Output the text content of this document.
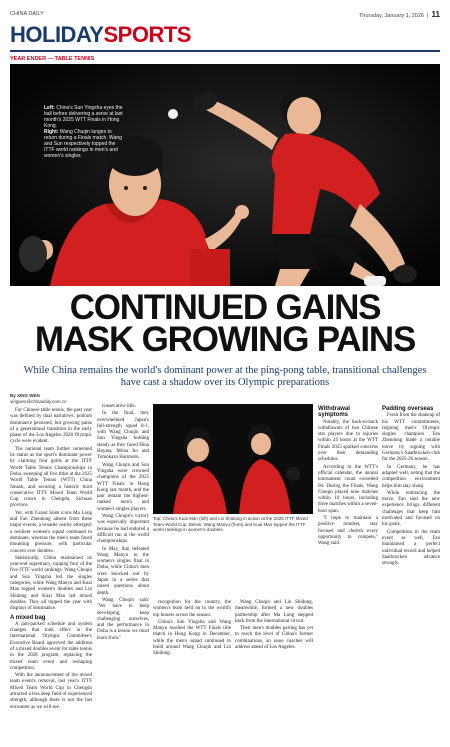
CHINA DAILY	Thursday, January 1, 2026  |  11
HOLIDAYSPORTS
YEAR ENDER — TABLE TENNIS
Left: China's Sun Yingsha eyes the ball before delivering a serve at last month's 2025 WTT Finals in Hong Kong.
Right: Wang Chuqin lunges to return during a Finals match. Wang and Sun respectively topped the ITTF world rankings in men's and women's singles.
CONTINUED GAINS
MASK GROWING PAINS
While China remains the world's dominant power at the ping-pong table, transitional challenges have cast a shadow over its Olympic preparations
By XING WEN
xingwen@chinadaily.com.cn

For Chinese table tennis, the past year was defined by dual narratives: podium dominance persisted, but growing pains of a generational transition in the early phase of the Los Angeles 2028 Olympic cycle were evident.

The national team further cemented its status as the sport's dominant power by claiming four golds at the ITTF World Table Tennis Championships in Doha, sweeping all five titles at the 2025 World Table Tennis (WTT) China Smash, and securing a historic third consecutive ITTF Mixed Team World Cup crown in Chengdu, Sichuan province.

Yet, with Grand Slam icons Ma Long and Fan Zhendong absent from these major events, a broader reality emerged: a resilient women's squad continued to dominate, whereas the men's team faced mounting pressure, with particular concern over doubles.

Statistically, China maintained its year-end supremacy, topping four of the five ITTF world rankings. Wang Chuqin and Sun Yingsha led the singles categories, while Wang Manyu and Kuai Man topped women's doubles and Lin Shidong and Kuai Man led mixed doubles. They all topped the year with displays of dominance.

A mixed bag

A jam-packed schedule and system changes that took effect in the International Olympic Committee's Executive Board approved the addition of a mixed doubles event for table tennis in the 2028 program, replacing the mixed team event and reshaping competition.

With the announcement of the mixed team event's removal, last year's ITTF Mixed Team World Cup in Chengdu attracted a less deep field of experienced strength, although there is not the last encounter as we will see.

consecutive title.

In the final, they overwhelmed Japan's full-strength squad 8-1, with Wang Chuqin and Sun Yingsha holding steady as they faced Hina Hayata, Mima Ito and Tomokazu Harimoto.

Wang Chuqin and Sun Yingsha were crowned champions of the 2025 WTT Finals in Hong Kong last month, and the pair remain the highest-ranked men's and women's singles players.

Wang Chuqin's victory was especially important because he had endured a difficult run in the world championships.

In May, Sun defeated Wang Manyu in the women's singles final in Doha, while China's men were knocked out by Japan in a series that raised questions about depth.

Wang Chuqin said: "We have to keep developing, keep challenging ourselves, and the performance in Doha is a lesson we must learn from."

Top: China's Kuai Man (left) and Lin Shidong in action at the 2025 ITTF Mixed Team World Cup. Below: Wang Manyu (front) and Kuai Man topped the ITTF world rankings in women's doubles.

recognition for the country, the women's team held on to the world's top honors across the season.

China's Sun Yingsha and Wang Manyu reached the WTT Finals title match in Hong Kong in December, while the men's squad continued to build around Wang Chuqin and Lin Shidong.

Wang Chuqin and Lin Shidong, meanwhile, formed a new doubles partnership after Ma Long stepped back from the international circuit.

Their men's doubles pairing has yet to reach the level of China's former combinations, an issue coaches will address ahead of Los Angeles.

Withdrawal symptoms

Notably, the back-to-back withdrawals of two Chinese star players due to injuries within 24 hours at the WTT Finals 2025 sparked concerns over their demanding schedules.

According to the WTT's official calendar, the annual tournament count exceeded 60. During the Finals, Wang Chuqin played nine matches within 10 hours, including three matches within a seven-hour span.

"I hope to maintain a positive mindset, stay focused and cherish every opportunity to compete," Wang said.

Padding overseas

Fresh from the shakeup of his WTT commitments, reigning men's Olympic singles champion Fan Zhendong made a notable move by signing with Germany's Saarbrucken club for the 2025-26 season.

In Germany, he has adapted well, noting that the competition environment helps him stay sharp.

While embracing the move, Fan said the new experience brings different challenges that keep him motivated and focused on his goals.

Competition in the team event as well, Fan maintained a perfect individual record and helped Saarbrucken advance strongly.
